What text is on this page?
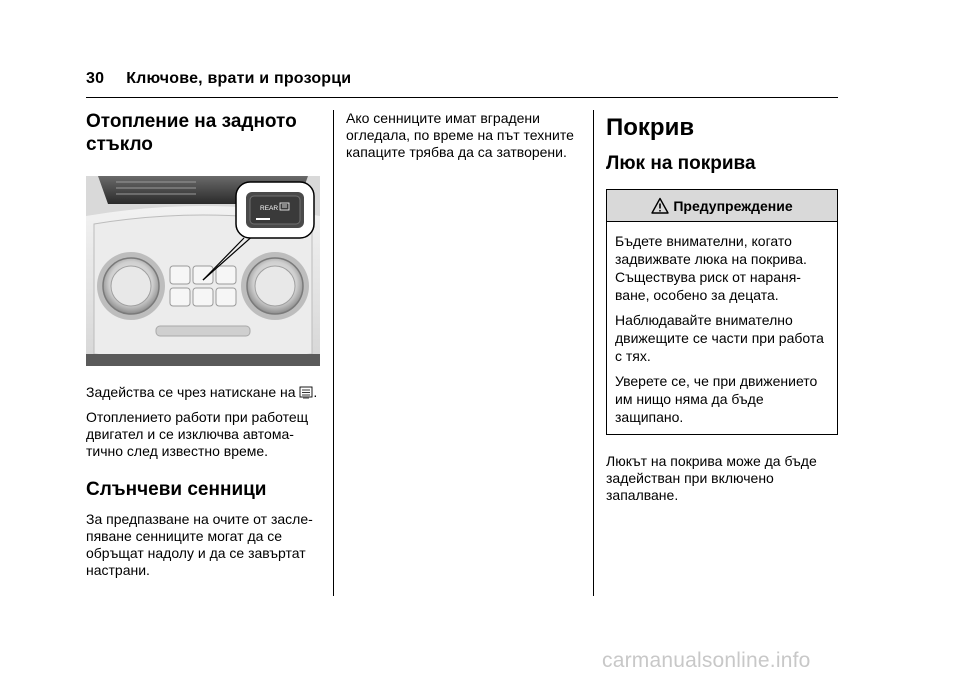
30 Ключове, врати и прозорци
Отопление на задното стъкло
REAR

Задейства се чрез натискане на .

Отоплението работи при работещ двигател и се изключва автома-тично след известно време.

Слънчеви сенници

За предпазване на очите от засле-пяване сенниците могат да се обръщат надолу и да се завъртат настрани.

Ако сенниците имат вградени огледала, по време на път техните капаците трябва да са затворени.

Покрив
Люк на покрива
Предупреждение

Бъдете внимателни, когато задвижвате люка на покрива. Съществува риск от нараня-ване, особено за децата.

Наблюдавайте внимателно движещите се части при работа с тях.

Уверете се, че при движението им нищо няма да бъде защипано.

Люкът на покрива може да бъде задействан при включено запалване.

carmanualsonline.info
